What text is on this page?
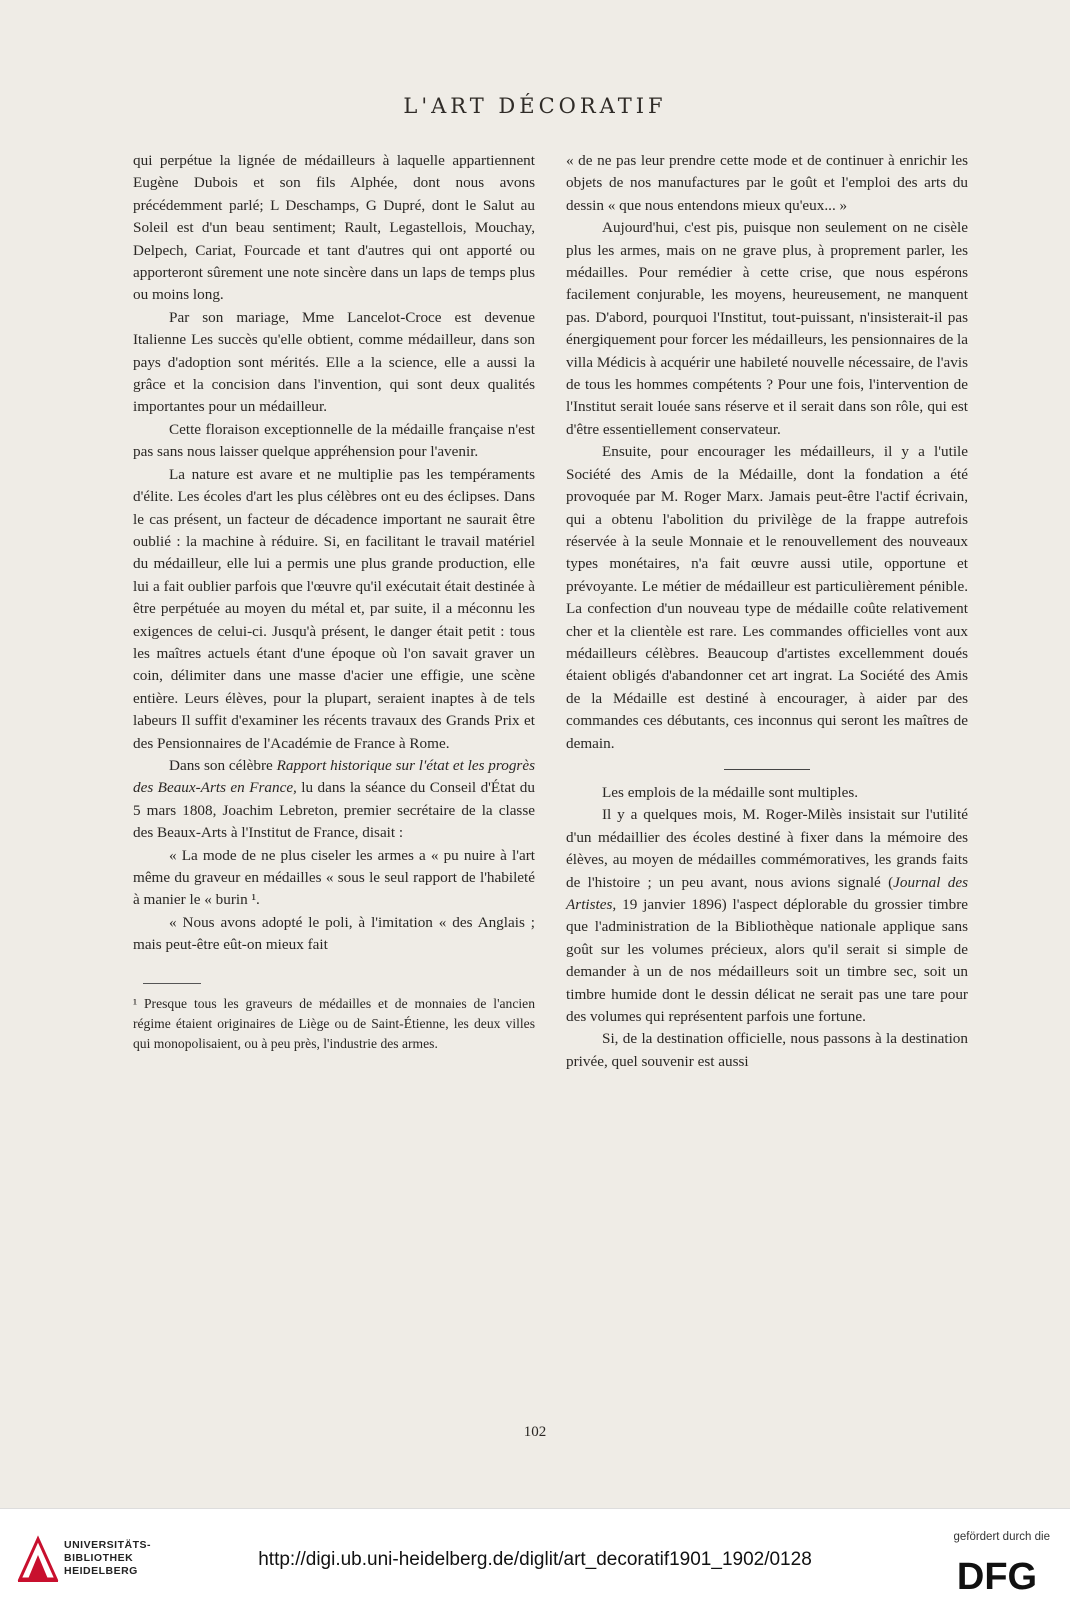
L'ART DÉCORATIF

qui perpétue la lignée de médailleurs à laquelle appartiennent Eugène Dubois et son fils Alphée, dont nous avons précédemment parlé; L Deschamps, G Dupré, dont le Salut au Soleil est d'un beau sentiment; Rault, Legastellois, Mouchay, Delpech, Cariat, Fourcade et tant d'autres qui ont apporté ou apporteront sûrement une note sincère dans un laps de temps plus ou moins long.

Par son mariage, Mme Lancelot-Croce est devenue Italienne Les succès qu'elle obtient, comme médailleur, dans son pays d'adoption sont mérités. Elle a la science, elle a aussi la grâce et la concision dans l'invention, qui sont deux qualités importantes pour un médailleur.

Cette floraison exceptionnelle de la médaille française n'est pas sans nous laisser quelque appréhension pour l'avenir.

La nature est avare et ne multiplie pas les tempéraments d'élite. Les écoles d'art les plus célèbres ont eu des éclipses. Dans le cas présent, un facteur de décadence important ne saurait être oublié : la machine à réduire. Si, en facilitant le travail matériel du médailleur, elle lui a permis une plus grande production, elle lui a fait oublier parfois que l'œuvre qu'il exécutait était destinée à être perpétuée au moyen du métal et, par suite, il a méconnu les exigences de celui-ci. Jusqu'à présent, le danger était petit : tous les maîtres actuels étant d'une époque où l'on savait graver un coin, délimiter dans une masse d'acier une effigie, une scène entière. Leurs élèves, pour la plupart, seraient inaptes à de tels labeurs Il suffit d'examiner les récents travaux des Grands Prix et des Pensionnaires de l'Académie de France à Rome.

Dans son célèbre Rapport historique sur l'état et les progrès des Beaux-Arts en France, lu dans la séance du Conseil d'État du 5 mars 1808, Joachim Lebreton, premier secrétaire de la classe des Beaux-Arts à l'Institut de France, disait :

« La mode de ne plus ciseler les armes a « pu nuire à l'art même du graveur en médailles « sous le seul rapport de l'habileté à manier le « burin ¹.

« Nous avons adopté le poli, à l'imitation « des Anglais ; mais peut-être eût-on mieux fait

¹ Presque tous les graveurs de médailles et de monnaies de l'ancien régime étaient originaires de Liège ou de Saint-Étienne, les deux villes qui monopolisaient, ou à peu près, l'industrie des armes.

« de ne pas leur prendre cette mode et de continuer à enrichir les objets de nos manufactures par le goût et l'emploi des arts du dessin « que nous entendons mieux qu'eux... »

Aujourd'hui, c'est pis, puisque non seulement on ne cisèle plus les armes, mais on ne grave plus, à proprement parler, les médailles. Pour remédier à cette crise, que nous espérons facilement conjurable, les moyens, heureusement, ne manquent pas. D'abord, pourquoi l'Institut, tout-puissant, n'insisterait-il pas énergiquement pour forcer les médailleurs, les pensionnaires de la villa Médicis à acquérir une habileté nouvelle nécessaire, de l'avis de tous les hommes compétents ? Pour une fois, l'intervention de l'Institut serait louée sans réserve et il serait dans son rôle, qui est d'être essentiellement conservateur.

Ensuite, pour encourager les médailleurs, il y a l'utile Société des Amis de la Médaille, dont la fondation a été provoquée par M. Roger Marx. Jamais peut-être l'actif écrivain, qui a obtenu l'abolition du privilège de la frappe autrefois réservée à la seule Monnaie et le renouvellement des nouveaux types monétaires, n'a fait œuvre aussi utile, opportune et prévoyante. Le métier de médailleur est particulièrement pénible. La confection d'un nouveau type de médaille coûte relativement cher et la clientèle est rare. Les commandes officielles vont aux médailleurs célèbres. Beaucoup d'artistes excellemment doués étaient obligés d'abandonner cet art ingrat. La Société des Amis de la Médaille est destiné à encourager, à aider par des commandes ces débutants, ces inconnus qui seront les maîtres de demain.

Les emplois de la médaille sont multiples.

Il y a quelques mois, M. Roger-Milès insistait sur l'utilité d'un médaillier des écoles destiné à fixer dans la mémoire des élèves, au moyen de médailles commémoratives, les grands faits de l'histoire ; un peu avant, nous avions signalé (Journal des Artistes, 19 janvier 1896) l'aspect déplorable du grossier timbre que l'administration de la Bibliothèque nationale applique sans goût sur les volumes précieux, alors qu'il serait si simple de demander à un de nos médailleurs soit un timbre sec, soit un timbre humide dont le dessin délicat ne serait pas une tare pour des volumes qui représentent parfois une fortune.

Si, de la destination officielle, nous passons à la destination privée, quel souvenir est aussi

102
UNIVERSITÄTS-
BIBLIOTHEK
HEIDELBERG
http://digi.ub.uni-heidelberg.de/diglit/art_decoratif1901_1902/0128
gefördert durch die
DFG
